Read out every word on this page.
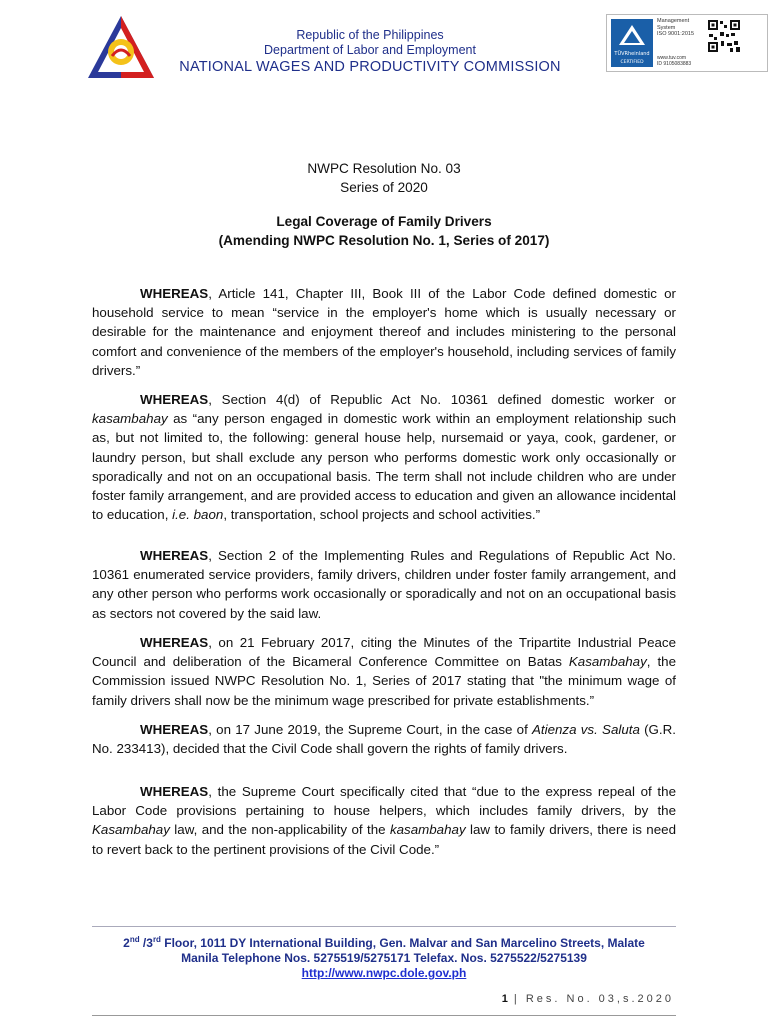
Republic of the Philippines
Department of Labor and Employment
NATIONAL WAGES AND PRODUCTIVITY COMMISSION
TÜVRheinland
CERTIFIED
Management
System
ISO 9001:2015
www.tuv.com
ID 9105083883
NWPC Resolution No. 03
Series of 2020
Legal Coverage of Family Drivers
(Amending NWPC Resolution No. 1, Series of 2017)
WHEREAS, Article 141, Chapter III, Book III of the Labor Code defined domestic or household service to mean “service in the employer's home which is usually necessary or desirable for the maintenance and enjoyment thereof and includes ministering to the personal comfort and convenience of the members of the employer's household, including services of family drivers.”
WHEREAS, Section 4(d) of Republic Act No. 10361 defined domestic worker or kasambahay as “any person engaged in domestic work within an employment relationship such as, but not limited to, the following: general house help, nursemaid or yaya, cook, gardener, or laundry person, but shall exclude any person who performs domestic work only occasionally or sporadically and not on an occupational basis. The term shall not include children who are under foster family arrangement, and are provided access to education and given an allowance incidental to education, i.e. baon, transportation, school projects and school activities.”
WHEREAS, Section 2 of the Implementing Rules and Regulations of Republic Act No. 10361 enumerated service providers, family drivers, children under foster family arrangement, and any other person who performs work occasionally or sporadically and not on an occupational basis as sectors not covered by the said law.
WHEREAS, on 21 February 2017, citing the Minutes of the Tripartite Industrial Peace Council and deliberation of the Bicameral Conference Committee on Batas Kasambahay, the Commission issued NWPC Resolution No. 1, Series of 2017 stating that "the minimum wage of family drivers shall now be the minimum wage prescribed for private establishments.”
WHEREAS, on 17 June 2019, the Supreme Court, in the case of Atienza vs. Saluta (G.R. No. 233413), decided that the Civil Code shall govern the rights of family drivers.
WHEREAS, the Supreme Court specifically cited that “due to the express repeal of the Labor Code provisions pertaining to house helpers, which includes family drivers, by the Kasambahay law, and the non-applicability of the kasambahay law to family drivers, there is need to revert back to the pertinent provisions of the Civil Code.”
2nd /3rd Floor, 1011 DY International Building, Gen. Malvar and San Marcelino Streets, Malate
Manila Telephone Nos. 5275519/5275171 Telefax. Nos. 5275522/5275139
http://www.nwpc.dole.gov.ph
1 | Res. No. 03,s.2020
